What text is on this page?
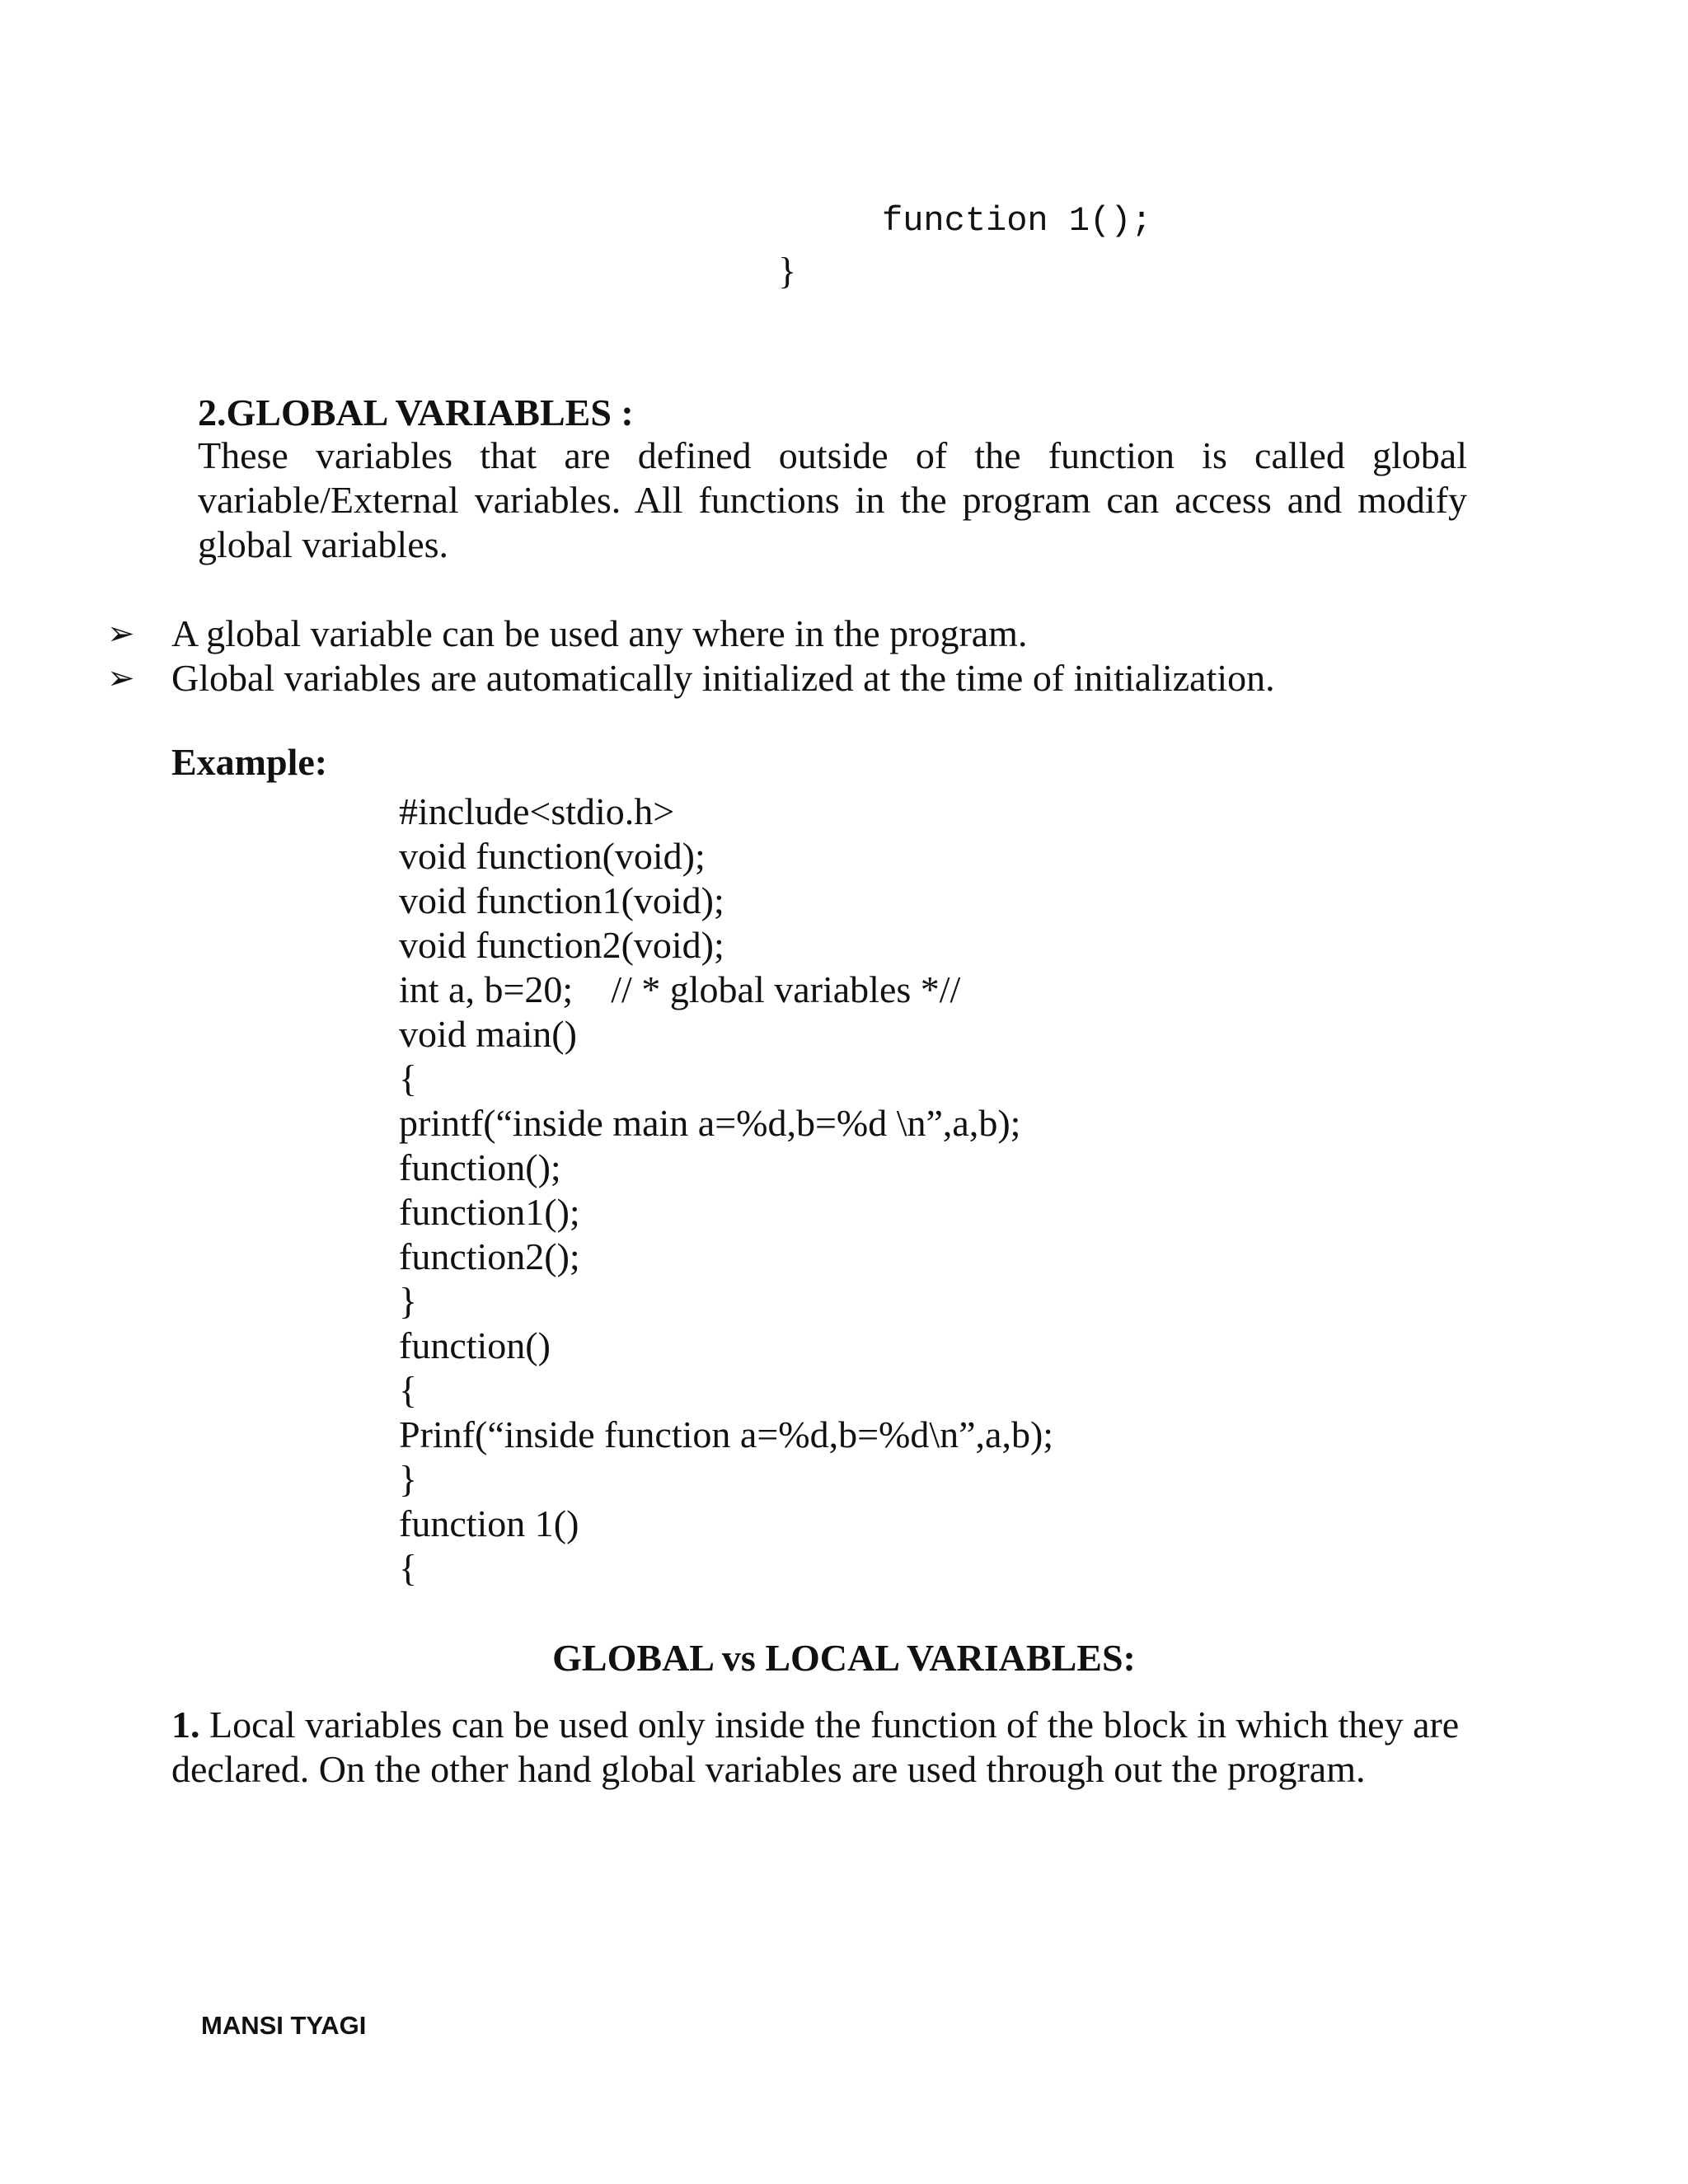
function 1();
}
2.GLOBAL VARIABLES :
These variables that are defined outside of the function is called global variable/External variables. All functions in the program can access and modify global variables.
➢ A global variable can be used any where in the program.
➢ Global variables are automatically initialized at the time of initialization.
Example:
#include<stdio.h>
void function(void);
void function1(void);
void function2(void);
int a, b=20;    // * global variables *//
void main()
{
printf(“inside main a=%d,b=%d \n”,a,b);
function();
function1();
function2();
}
function()
{
Prinf(“inside function a=%d,b=%d\n”,a,b);
}
function 1()
{
GLOBAL vs LOCAL VARIABLES:
1. Local variables can be used only inside the function of the block in which they are declared. On the other hand global variables are used through out the program.
MANSI TYAGI
